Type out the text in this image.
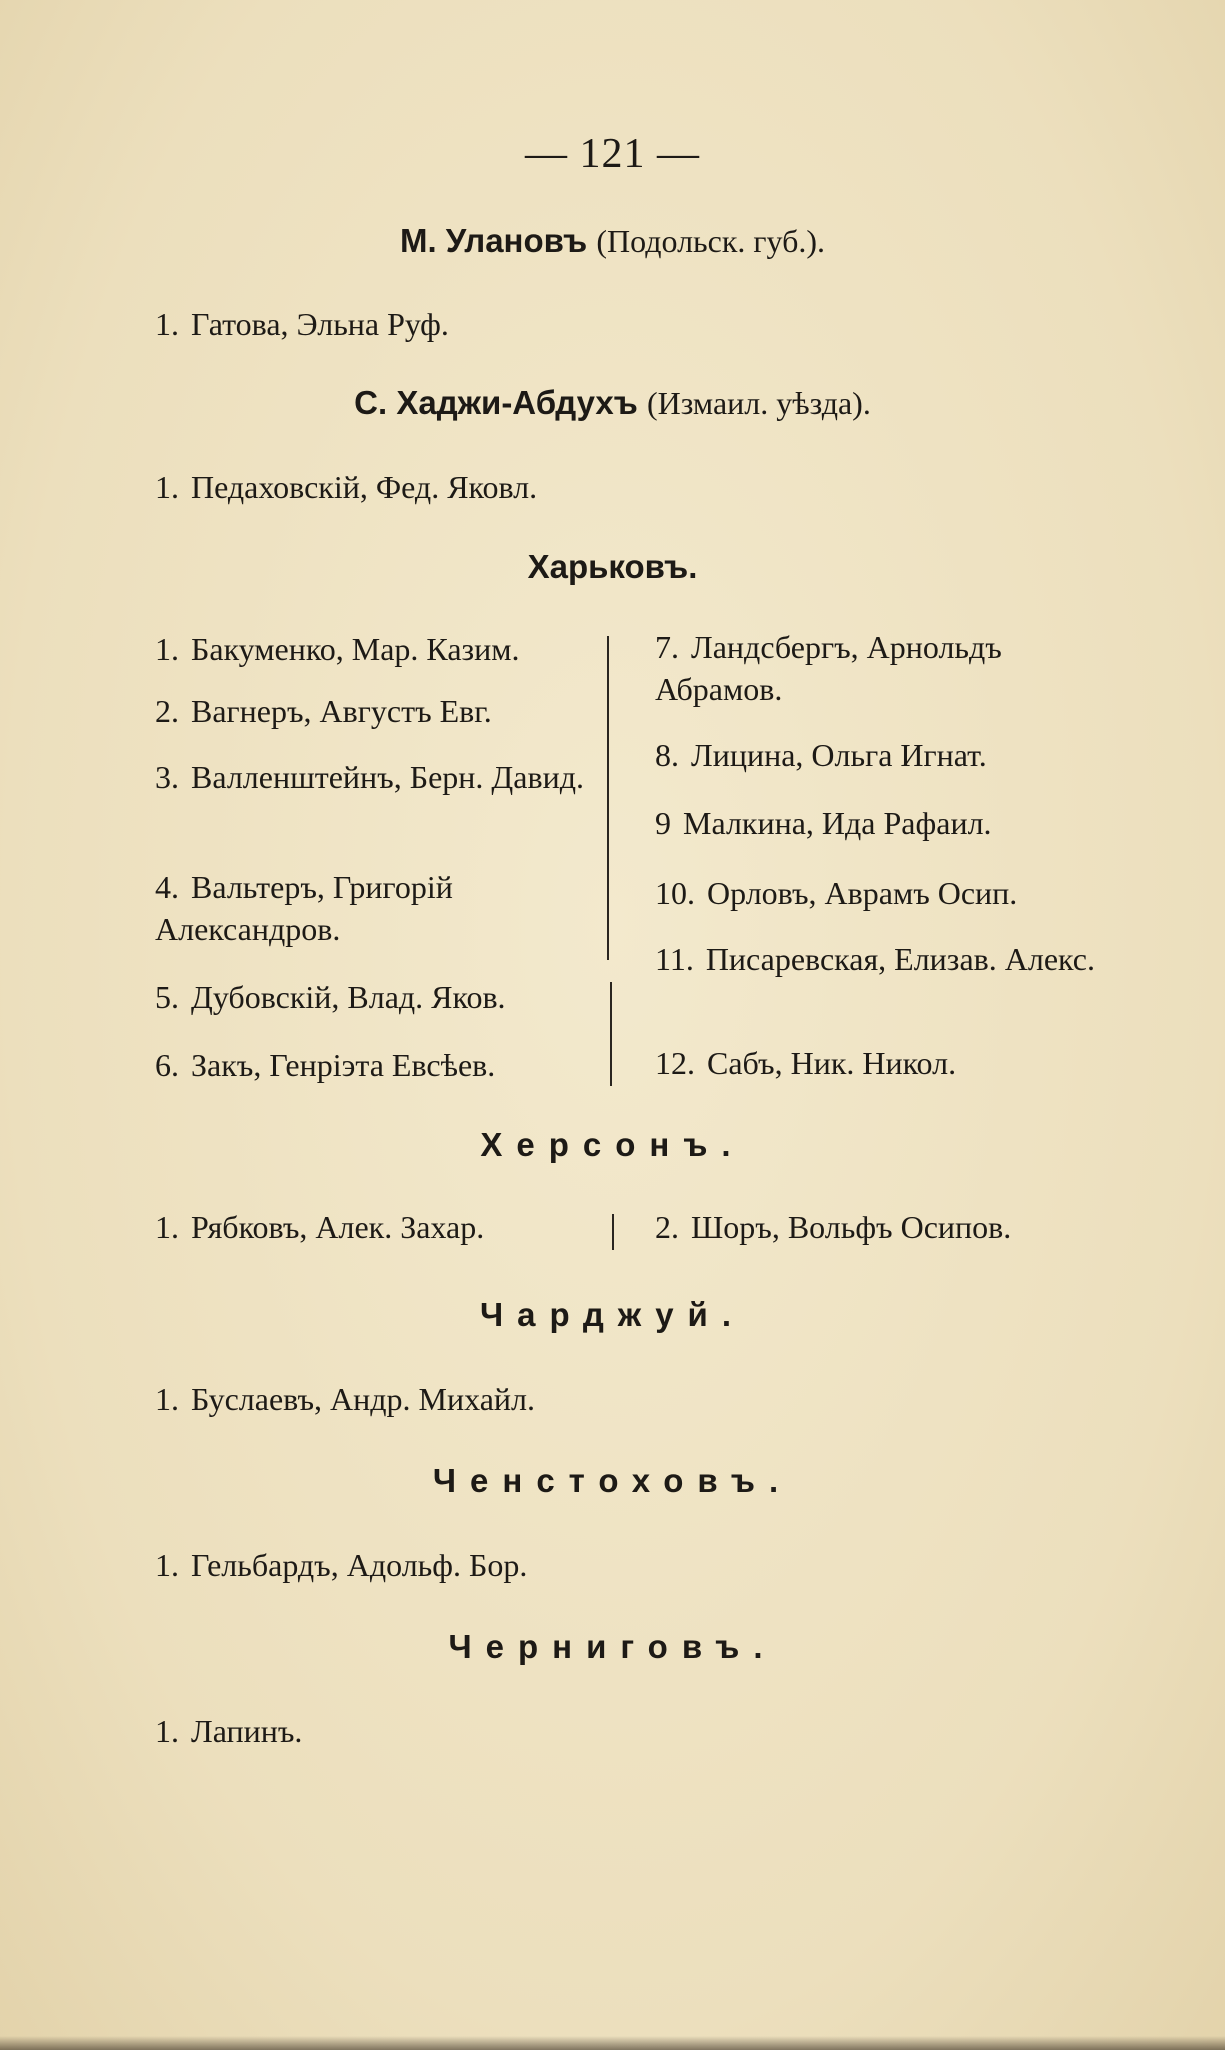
— 121 —
М. Улановъ (Подольск. губ.).
1. Гатова, Эльна Руф.
С. Хаджи-Абдухъ (Измаил. уѣзда).
1. Педаховскій, Фед. Яковл.
Харьковъ.
1. Бакуменко, Мар. Казим.
2. Вагнеръ, Августъ Евг.
3. Валленштейнъ, Берн. Давид.
4. Вальтеръ, Григорій Александров.
5. Дубовскій, Влад. Яков.
6. Закъ, Генріэта Евсѣев.
7. Ландсбергъ, Арнольдъ Абрамов.
8. Лицина, Ольга Игнат.
9 Малкина, Ида Рафаил.
10. Орловъ, Аврамъ Осип.
11. Писаревская, Елизав. Алекс.
12. Сабъ, Ник. Никол.
Херсонъ.
1. Рябковъ, Алек. Захар.	2. Шоръ, Вольфъ Осипов.
Чарджуй.
1. Буслаевъ, Андр. Михайл.
Ченстоховъ.
1. Гельбардъ, Адольф. Бор.
Черниговъ.
1. Лапинъ.
